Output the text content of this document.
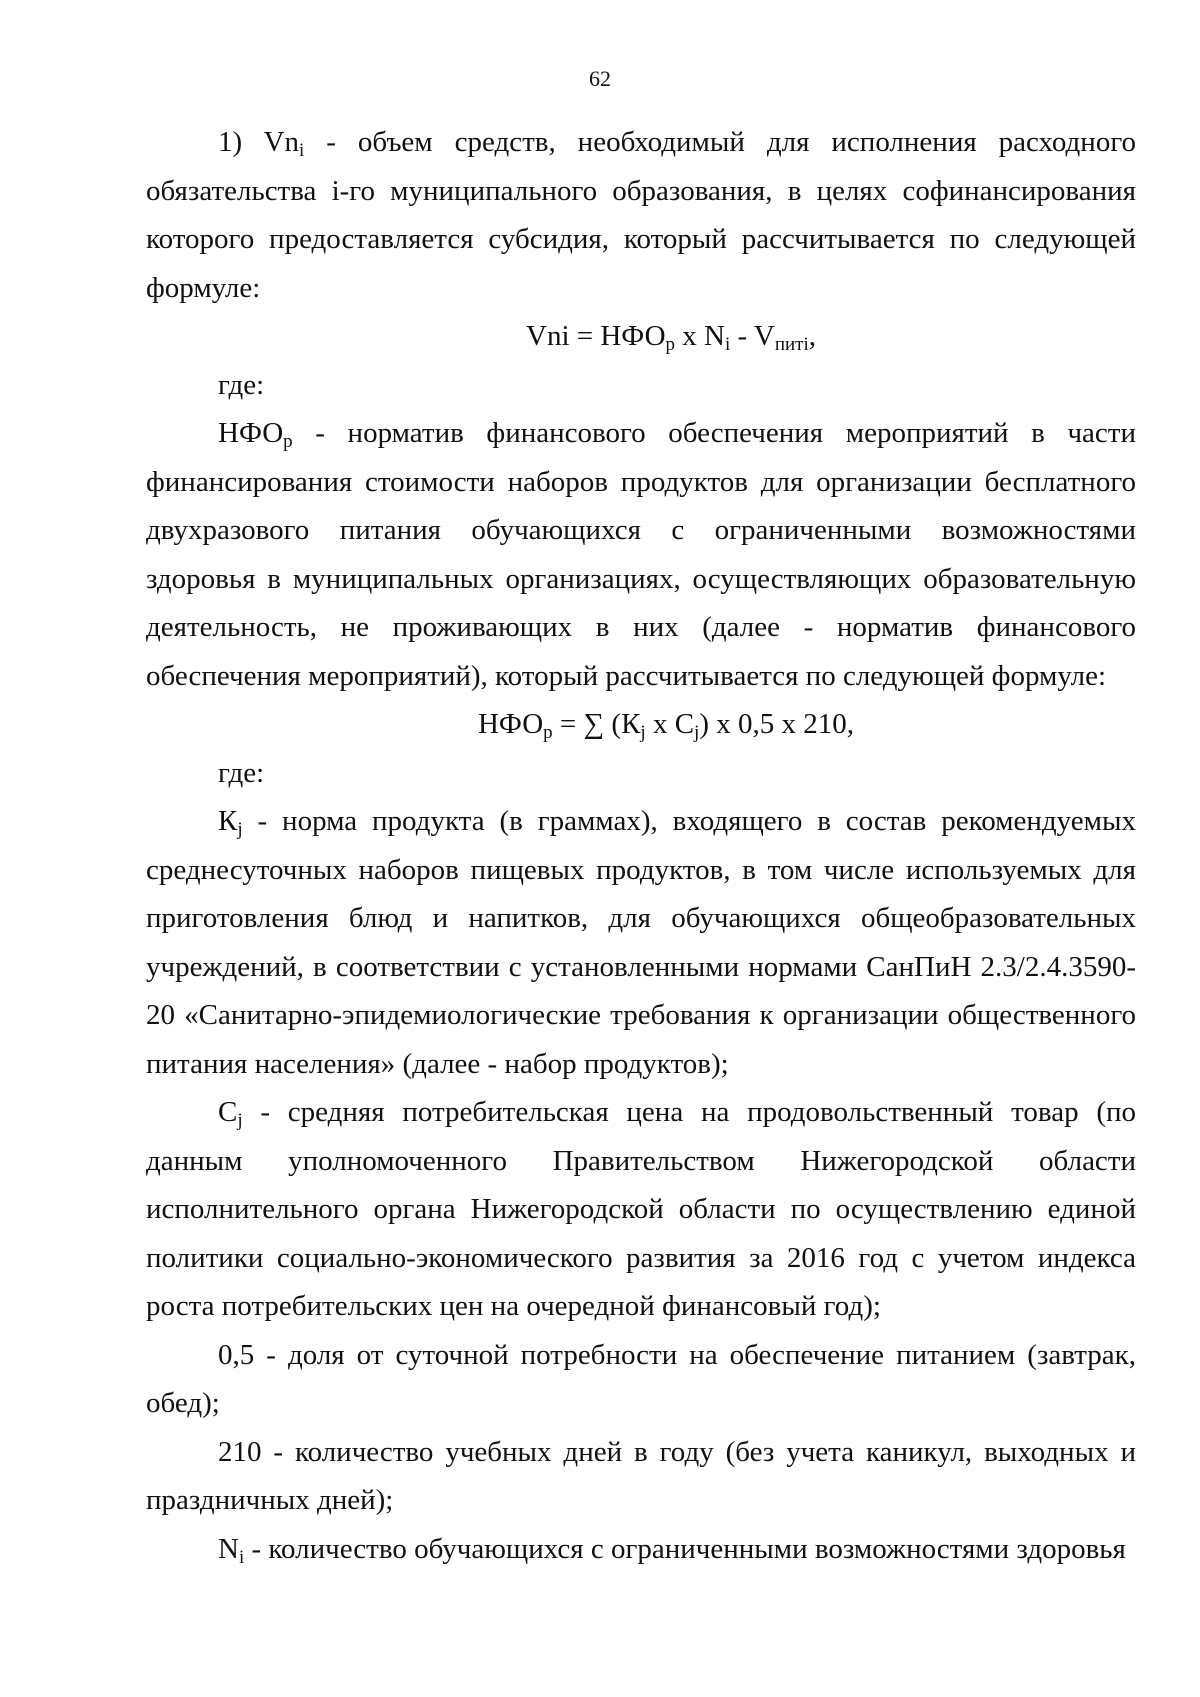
62

1) $Vn_i$ - объем средств, необходимый для исполнения расходного обязательства i-го муниципального образования, в целях софинансирования которого предоставляется субсидия, который рассчитывается по следующей формуле:

Vni = $НФО_р$ х $N_i - V_{питі}$,

где:

$НФО_р$ - норматив финансового обеспечения мероприятий в части финансирования стоимости наборов продуктов для организации бесплатного двухразового питания обучающихся с ограниченными возможностями здоровья в муниципальных организациях, осуществляющих образовательную деятельность, не проживающих в них (далее - норматив финансового обеспечения мероприятий), который рассчитывается по следующей формуле:

$НФО_р$ = ∑ ($К_j$ х $С_j$) х 0,5 х 210,

где:

$К_j$ - норма продукта (в граммах), входящего в состав рекомендуемых среднесуточных наборов пищевых продуктов, в том числе используемых для приготовления блюд и напитков, для обучающихся общеобразовательных учреждений, в соответствии с установленными нормами СанПиН 2.3/2.4.3590-20 «Санитарно-эпидемиологические требования к организации общественного питания населения» (далее - набор продуктов);

$С_j$ - средняя потребительская цена на продовольственный товар (по данным уполномоченного Правительством Нижегородской области исполнительного органа Нижегородской области по осуществлению единой политики социально-экономического развития за 2016 год с учетом индекса роста потребительских цен на очередной финансовый год);

0,5 - доля от суточной потребности на обеспечение питанием (завтрак, обед);

210 - количество учебных дней в году (без учета каникул, выходных и праздничных дней);

$N_i$ - количество обучающихся с ограниченными возможностями здоровья
